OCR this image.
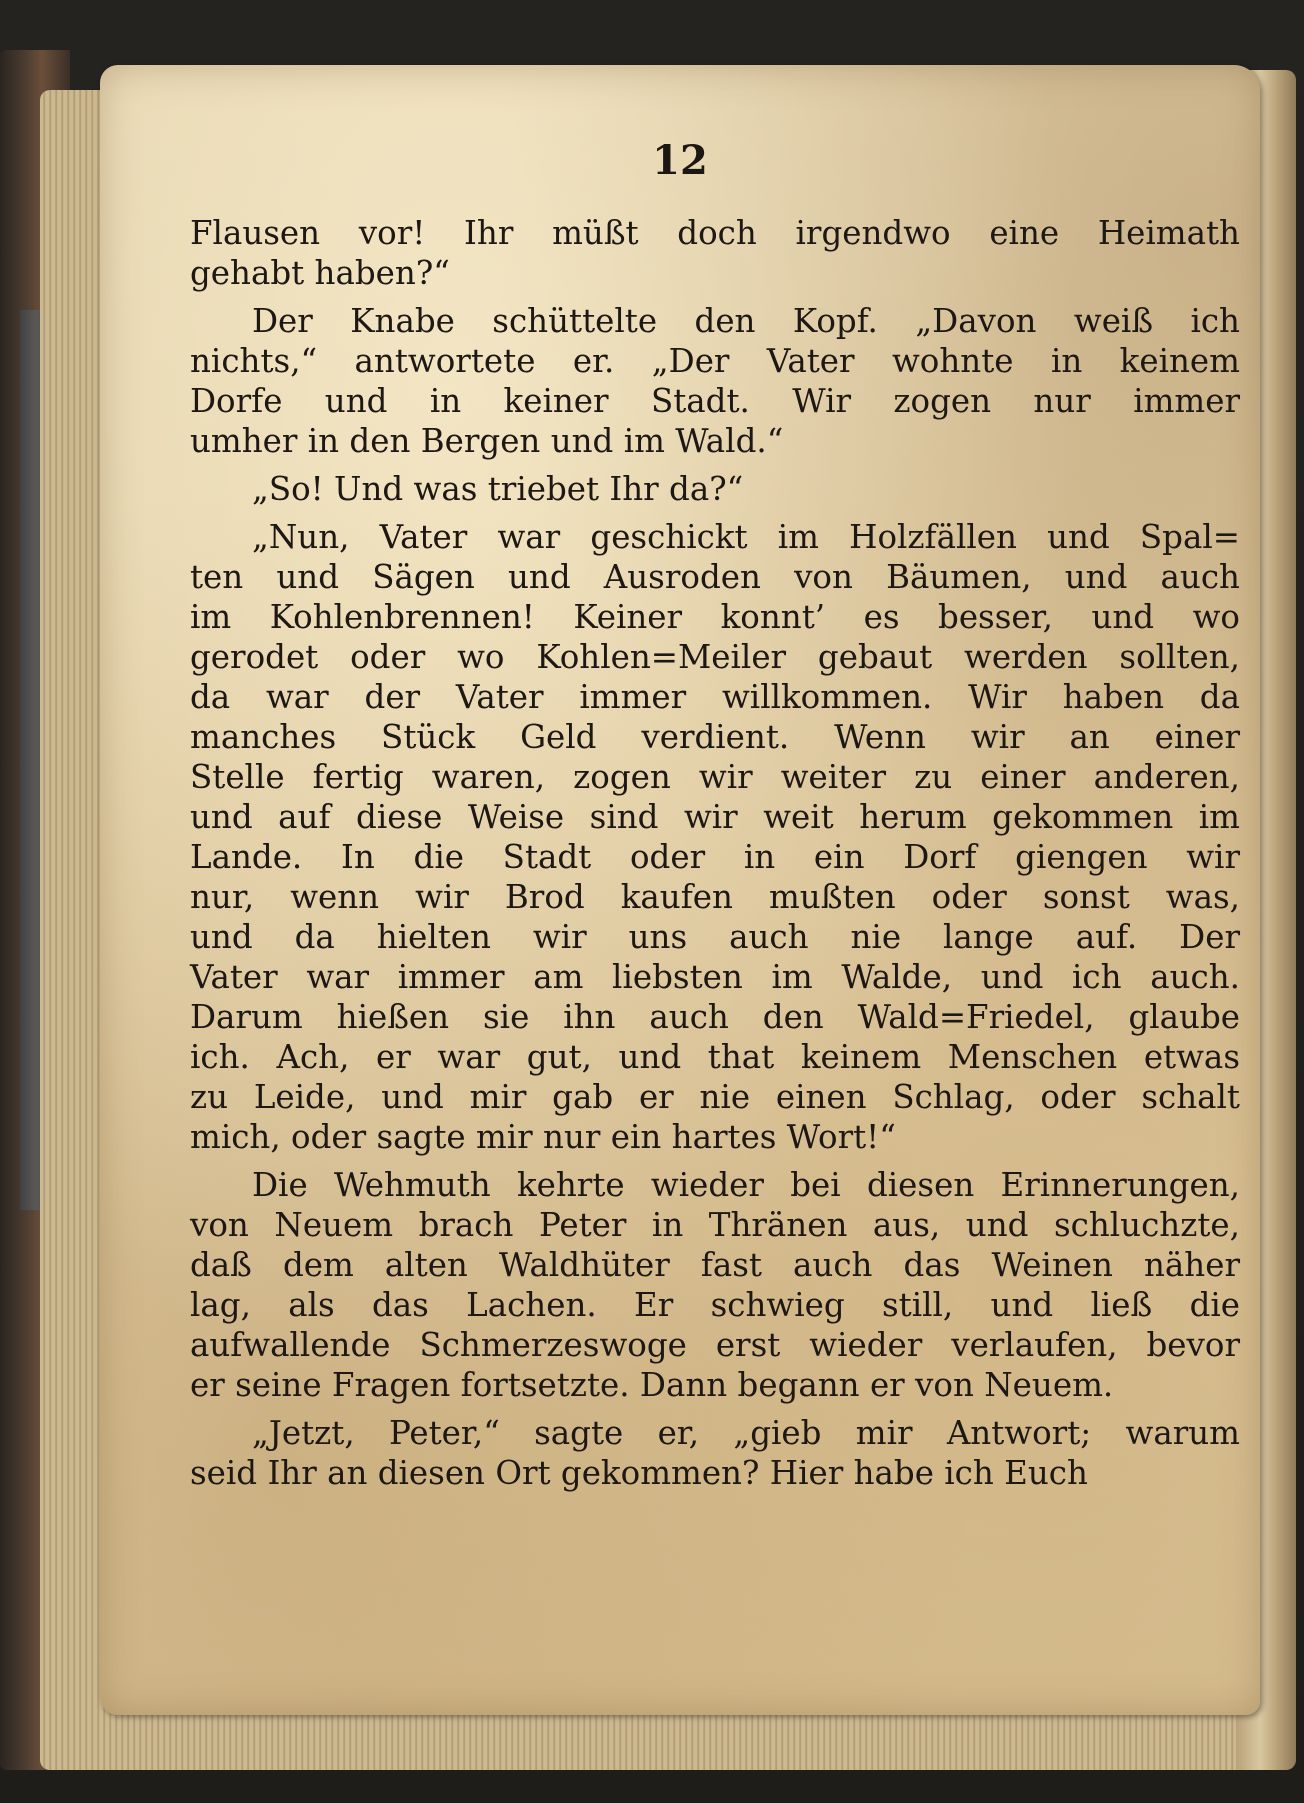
12
Flausen vor! Ihr müßt doch irgendwo eine Heimath
gehabt haben?“
Der Knabe schüttelte den Kopf. „Davon weiß ich
nichts,“ antwortete er. „Der Vater wohnte in keinem
Dorfe und in keiner Stadt. Wir zogen nur immer
umher in den Bergen und im Wald.“
„So! Und was triebet Ihr da?“
„Nun, Vater war geschickt im Holzfällen und Spal=
ten und Sägen und Ausroden von Bäumen, und auch
im Kohlenbrennen! Keiner konnt’ es besser, und wo
gerodet oder wo Kohlen=Meiler gebaut werden sollten,
da war der Vater immer willkommen. Wir haben da
manches Stück Geld verdient. Wenn wir an einer
Stelle fertig waren, zogen wir weiter zu einer anderen,
und auf diese Weise sind wir weit herum gekommen im
Lande. In die Stadt oder in ein Dorf giengen wir
nur, wenn wir Brod kaufen mußten oder sonst was,
und da hielten wir uns auch nie lange auf. Der
Vater war immer am liebsten im Walde, und ich auch.
Darum hießen sie ihn auch den Wald=Friedel, glaube
ich. Ach, er war gut, und that keinem Menschen etwas
zu Leide, und mir gab er nie einen Schlag, oder schalt
mich, oder sagte mir nur ein hartes Wort!“
Die Wehmuth kehrte wieder bei diesen Erinnerungen,
von Neuem brach Peter in Thränen aus, und schluchzte,
daß dem alten Waldhüter fast auch das Weinen näher
lag, als das Lachen. Er schwieg still, und ließ die
aufwallende Schmerzeswoge erst wieder verlaufen, bevor
er seine Fragen fortsetzte. Dann begann er von Neuem.
„Jetzt, Peter,“ sagte er, „gieb mir Antwort; warum
seid Ihr an diesen Ort gekommen? Hier habe ich Euch
